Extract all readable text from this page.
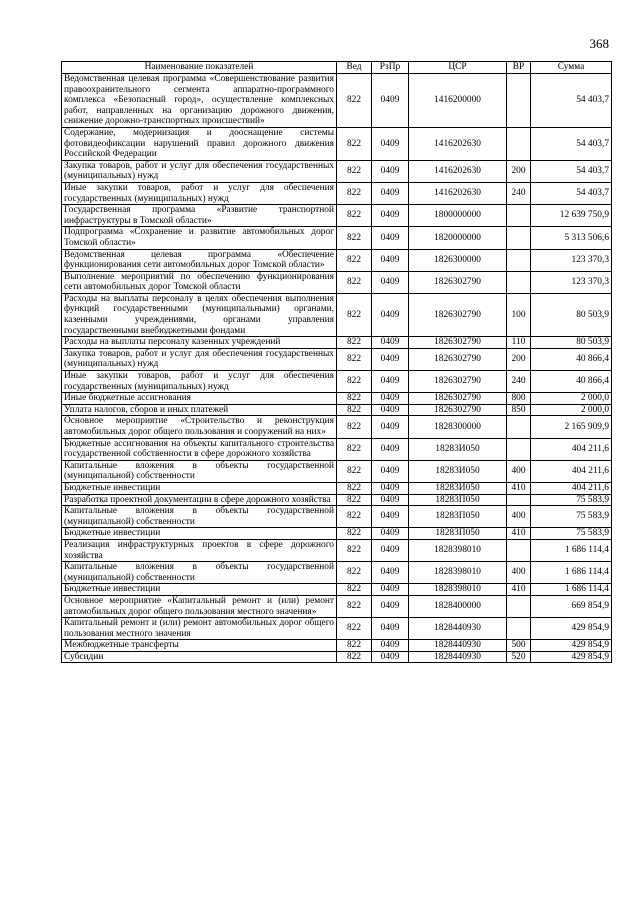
368
Наименование показателей	Вед	РзПр	ЦСР	ВР	Сумма
Ведомственная целевая программа «Совершенствование развития правоохранительного сегмента аппаратно-программного комплекса «Безопасный город», осуществление комплексных работ, направленных на организацию дорожного движения, снижение дорожно-транспортных происшествий»	822	0409	1416200000		54 403,7
Содержание, модернизация и дооснащение системы фотовидеофиксации нарушений правил дорожного движения Российской Федерации	822	0409	1416202630		54 403,7
Закупка товаров, работ и услуг для обеспечения государственных (муниципальных) нужд	822	0409	1416202630	200	54 403,7
Иные закупки товаров, работ и услуг для обеспечения государственных (муниципальных) нужд	822	0409	1416202630	240	54 403,7
Государственная программа «Развитие транспортной инфраструктуры в Томской области»	822	0409	1800000000		12 639 750,9
Подпрограмма «Сохранение и развитие автомобильных дорог Томской области»	822	0409	1820000000		5 313 506,6
Ведомственная целевая программа «Обеспечение функционирования сети автомобильных дорог Томской области»	822	0409	1826300000		123 370,3
Выполнение мероприятий по обеспечению функционирования сети автомобильных дорог Томской области	822	0409	1826302790		123 370,3
Расходы на выплаты персоналу в целях обеспечения выполнения функций государственными (муниципальными) органами, казенными учреждениями, органами управления государственными внебюджетными фондами	822	0409	1826302790	100	80 503,9
Расходы на выплаты персоналу казенных учреждений	822	0409	1826302790	110	80 503,9
Закупка товаров, работ и услуг для обеспечения государственных (муниципальных) нужд	822	0409	1826302790	200	40 866,4
Иные закупки товаров, работ и услуг для обеспечения государственных (муниципальных) нужд	822	0409	1826302790	240	40 866,4
Иные бюджетные ассигнования	822	0409	1826302790	800	2 000,0
Уплата налогов, сборов и иных платежей	822	0409	1826302790	850	2 000,0
Основное мероприятие «Строительство и реконструкция автомобильных дорог общего пользования и сооружений на них»	822	0409	1828300000		2 165 909,9
Бюджетные ассигнования на объекты капитального строительства государственной собственности в сфере дорожного хозяйства	822	0409	18283И050		404 211,6
Капитальные вложения в объекты государственной (муниципальной) собственности	822	0409	18283И050	400	404 211,6
Бюджетные инвестиции	822	0409	18283И050	410	404 211,6
Разработка проектной документации в сфере дорожного хозяйства	822	0409	18283П050		75 583,9
Капитальные вложения в объекты государственной (муниципальной) собственности	822	0409	18283П050	400	75 583,9
Бюджетные инвестиции	822	0409	18283П050	410	75 583,9
Реализация инфраструктурных проектов в сфере дорожного хозяйства	822	0409	1828398010		1 686 114,4
Капитальные вложения в объекты государственной (муниципальной) собственности	822	0409	1828398010	400	1 686 114,4
Бюджетные инвестиции	822	0409	1828398010	410	1 686 114,4
Основное мероприятие «Капитальный ремонт и (или) ремонт автомобильных дорог общего пользования местного значения»	822	0409	1828400000		669 854,9
Капитальный ремонт и (или) ремонт автомобильных дорог общего пользования местного значения	822	0409	1828440930		429 854,9
Межбюджетные трансферты	822	0409	1828440930	500	429 854,9
Субсидии	822	0409	1828440930	520	429 854,9
